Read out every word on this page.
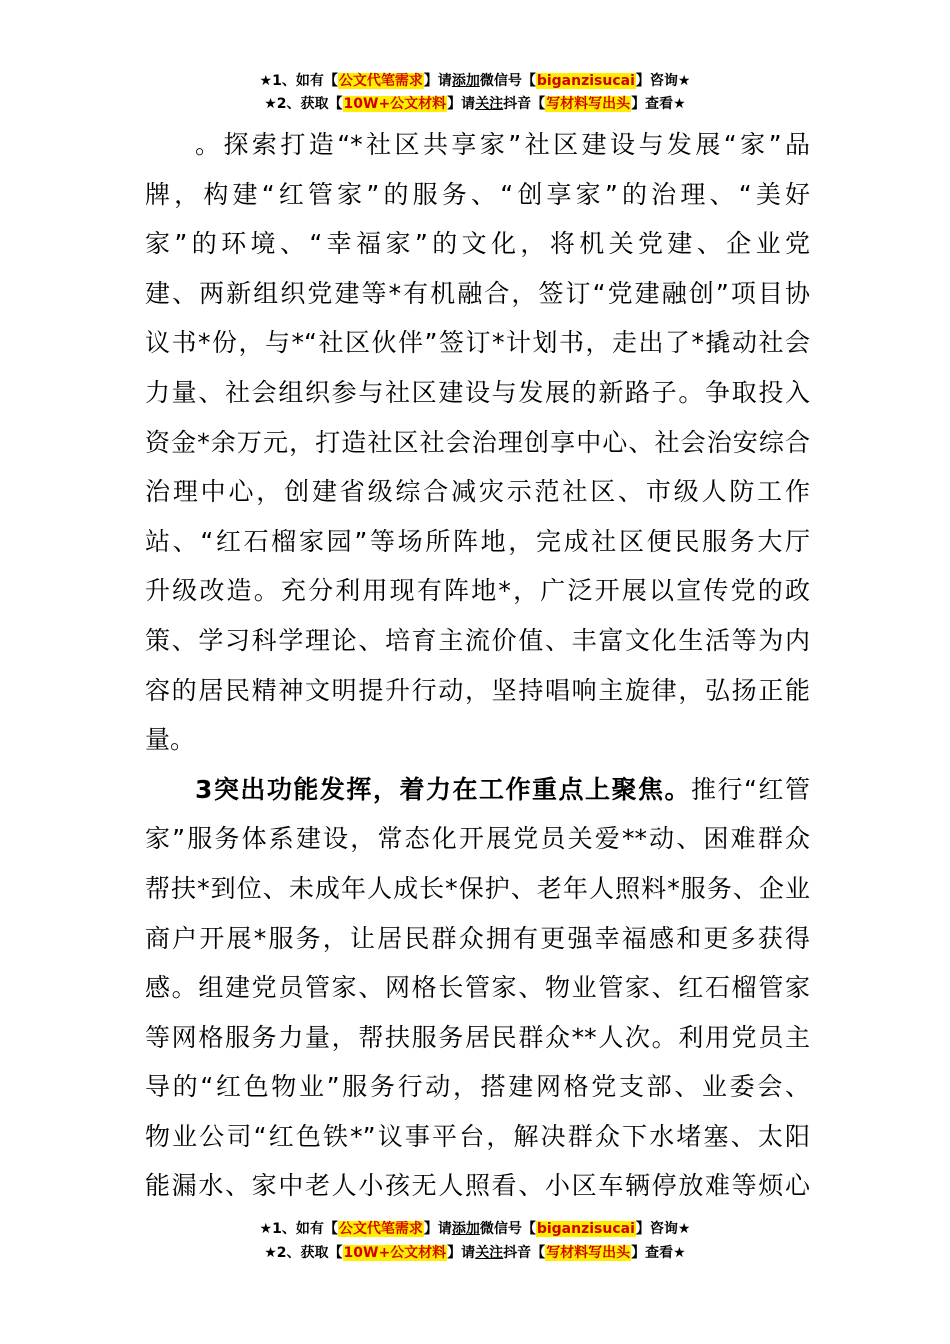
★1、如有【公文代笔需求】请添加微信号【biganzisucai】咨询★
★2、获取【10W+公文材料】请关注抖音【写材料写出头】查看★
。探索打造“*社区共享家”社区建设与发展“家”品
牌，构建“红管家”的服务、“创享家”的治理、“美好
家”的环境、“幸福家”的文化，将机关党建、企业党
建、两新组织党建等*有机融合，签订“党建融创”项目协
议书*份，与*“社区伙伴”签订*计划书，走出了*撬动社会
力量、社会组织参与社区建设与发展的新路子。争取投入
资金*余万元，打造社区社会治理创享中心、社会治安综合
治理中心，创建省级综合减灾示范社区、市级人防工作
站、“红石榴家园”等场所阵地，完成社区便民服务大厅
升级改造。充分利用现有阵地*，广泛开展以宣传党的政
策、学习科学理论、培育主流价值、丰富文化生活等为内
容的居民精神文明提升行动，坚持唱响主旋律，弘扬正能
量。
3突出功能发挥，着力在工作重点上聚焦。推行“红管
家”服务体系建设，常态化开展党员关爱**动、困难群众
帮扶*到位、未成年人成长*保护、老年人照料*服务、企业
商户开展*服务，让居民群众拥有更强幸福感和更多获得
感。组建党员管家、网格长管家、物业管家、红石榴管家
等网格服务力量，帮扶服务居民群众**人次。利用党员主
导的“红色物业”服务行动，搭建网格党支部、业委会、
物业公司“红色铁*”议事平台，解决群众下水堵塞、太阳
能漏水、家中老人小孩无人照看、小区车辆停放难等烦心
★1、如有【公文代笔需求】请添加微信号【biganzisucai】咨询★
★2、获取【10W+公文材料】请关注抖音【写材料写出头】查看★
